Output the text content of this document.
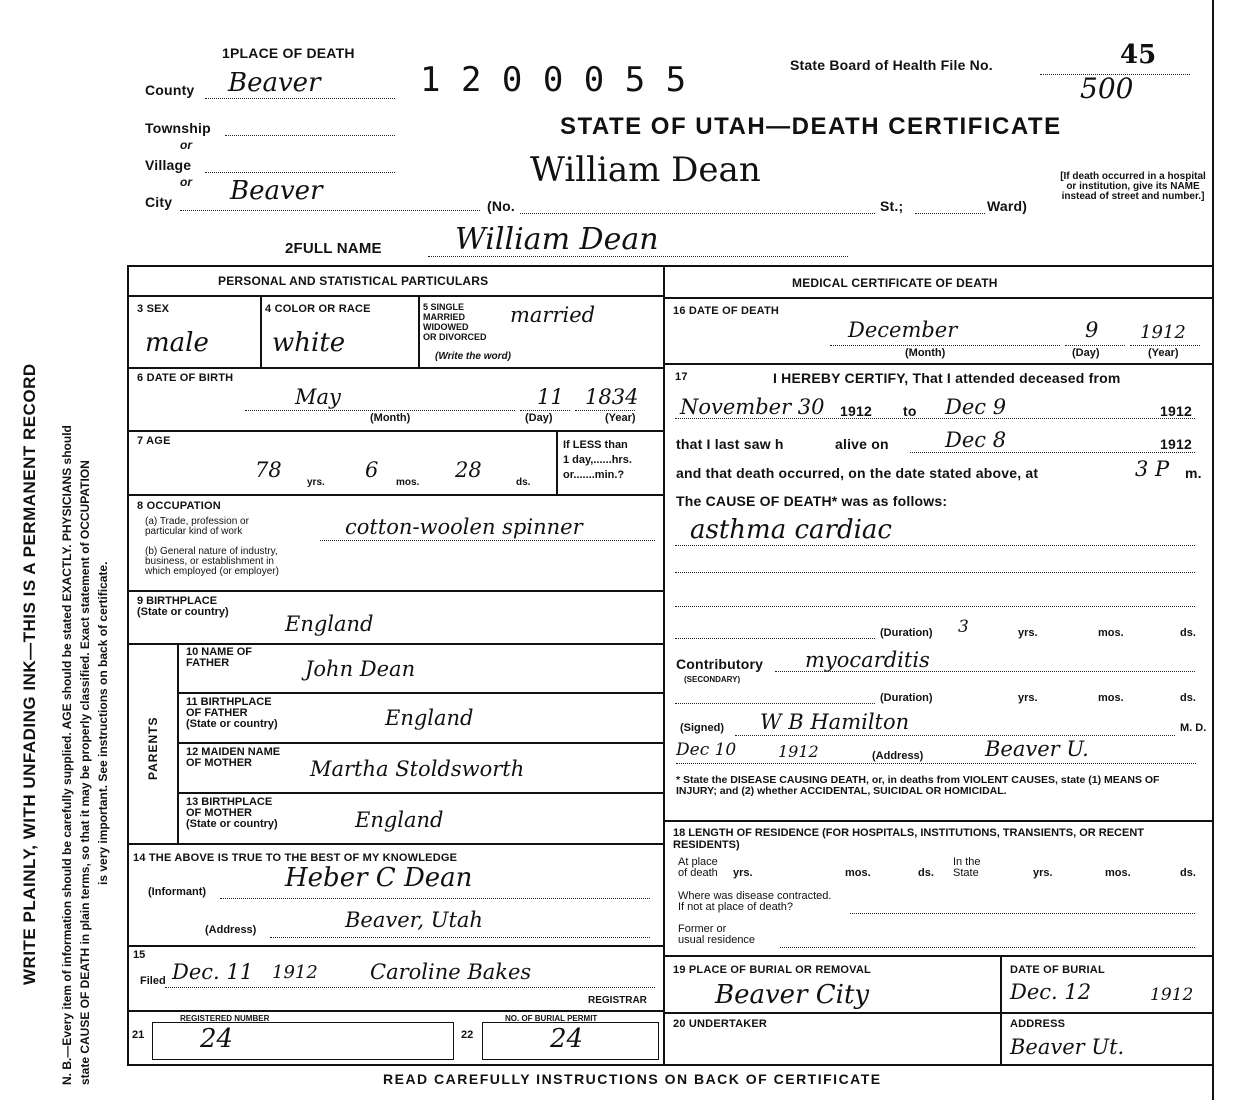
WRITE PLAINLY, WITH UNFADING INK—THIS IS A PERMANENT RECORD N. B.—Every item of information should be carefully supplied. AGE should be stated EXACTLY. PHYSICIANS should state CAUSE OF DEATH in plain terms, so that it may be properly classified. Exact statement of OCCUPATION is very important. See instructions on back of certificate.
1PLACE OF DEATH
County Beaver	1 2 0 0 0 5 5	State Board of Health File No.	45
500
Township
or
Village
or
City Beaver
STATE OF UTAH—DEATH CERTIFICATE
William Dean
(No.	St.;	Ward)
[If death occurred in a hospital or institution, give its NAME instead of street and number.]
2FULL NAME William Dean
PERSONAL AND STATISTICAL PARTICULARS
3 SEX
male
4 COLOR OR RACE
white
5 SINGLE
MARRIED
WIDOWED
OR DIVORCED
(Write the word)
married
6 DATE OF BIRTH
May	11 1834
(Month)	(Day)	(Year)
7 AGE
78
yrs.
6
mos.
28
ds.
If LESS than
1 day,......hrs.
or.......min.?
8 OCCUPATION
(a) Trade, profession or
particular kind of work
(b) General nature of industry,
business, or establishment in
which employed (or employer)
cotton-woolen spinner
9 BIRTHPLACE
(State or country)	England
PARENTS
10 NAME OF
FATHER	John Dean
11 BIRTHPLACE
OF FATHER
(State or country)	England
12 MAIDEN NAME
OF MOTHER	Martha Stoldsworth
13 BIRTHPLACE
OF MOTHER
(State or country)	England
14 THE ABOVE IS TRUE TO THE BEST OF MY KNOWLEDGE
(Informant)	Heber C Dean
(Address)	Beaver, Utah
15
Filed Dec. 11 1912 Caroline Bakes
REGISTRAR
21
REGISTERED NUMBER
24	22
NO. OF BURIAL PERMIT
24
MEDICAL CERTIFICATE OF DEATH
16 DATE OF DEATH
December	9 1912
(Month)	(Day)	(Year)
17	I HEREBY CERTIFY, That I attended deceased from
November 30 1912 to Dec 9	1912
that I last saw h	alive on	Dec 8	1912
and that death occurred, on the date stated above, at	3 P m.
The CAUSE OF DEATH* was as follows:
asthma cardiac
(Duration) 3	yrs.	mos.	ds.
Contributory
(SECONDARY)
myocarditis
(Duration)	yrs.	mos.	ds.
(Signed) W B Hamilton	M. D.
Dec 10	1912	(Address)	Beaver U.
* State the DISEASE CAUSING DEATH, or, in deaths from VIOLENT CAUSES, state (1) MEANS OF INJURY; and (2) whether ACCIDENTAL, SUICIDAL OR HOMICIDAL.
18 LENGTH OF RESIDENCE (FOR HOSPITALS, INSTITUTIONS, TRANSIENTS, OR RECENT RESIDENTS)
At place
of death yrs.	mos.	ds.
In the
State	yrs.	mos.	ds.
Where was disease contracted.
If not at place of death?
Former or
usual residence
19 PLACE OF BURIAL OR REMOVAL
Beaver City
DATE OF BURIAL
Dec. 12	1912
20 UNDERTAKER	ADDRESS
Beaver Ut.
READ CAREFULLY INSTRUCTIONS ON BACK OF CERTIFICATE
